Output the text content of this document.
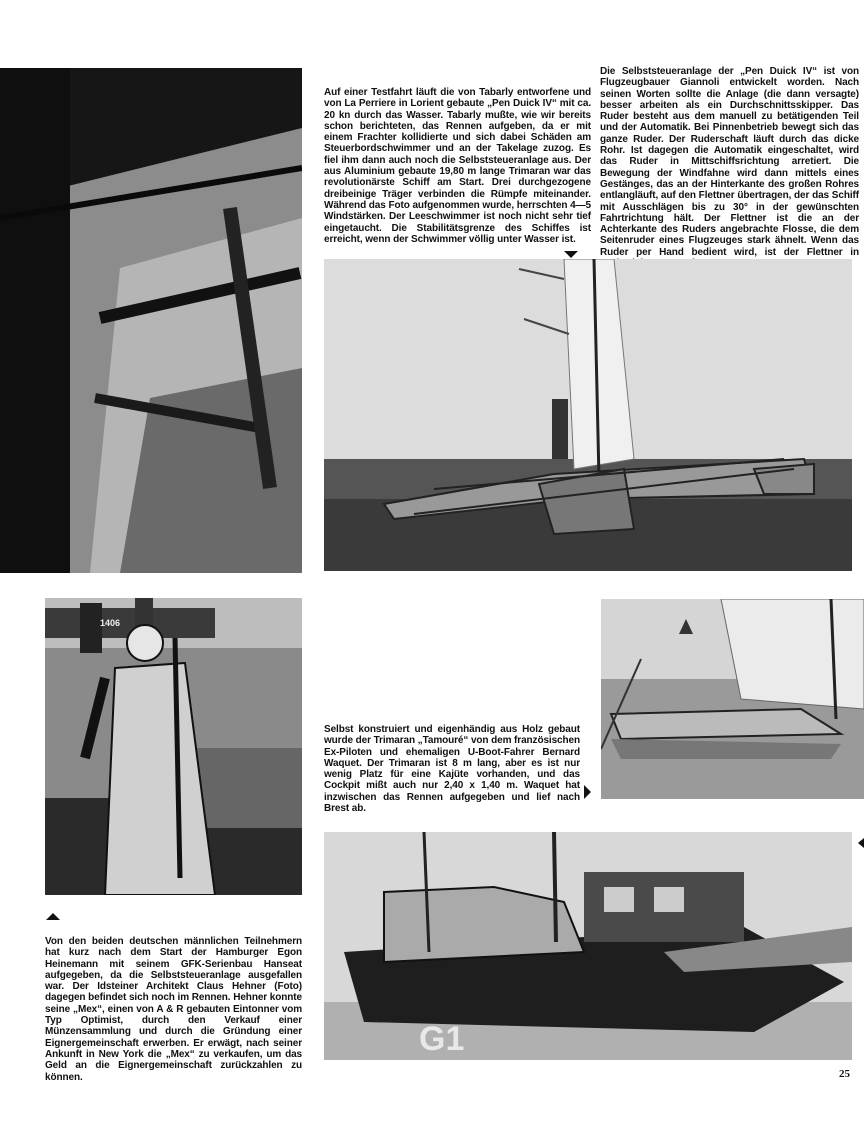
Auf einer Testfahrt läuft die von Tabarly entworfene und von La Perriere in Lorient gebaute „Pen Duick IV“ mit ca. 20 kn durch das Wasser. Tabarly mußte, wie wir bereits schon berichteten, das Rennen aufgeben, da er mit einem Frachter kollidierte und sich dabei Schäden am Steuerbordschwimmer und an der Takelage zuzog. Es fiel ihm dann auch noch die Selbststeueranlage aus. Der aus Aluminium gebaute 19,80 m lange Trimaran war das revolutionärste Schiff am Start. Drei durchgezogene dreibeinige Träger verbinden die Rümpfe miteinander. Während das Foto aufgenommen wurde, herrschten 4—5 Windstärken. Der Leeschwimmer ist noch nicht sehr tief eingetaucht. Die Stabilitätsgrenze des Schiffes ist erreicht, wenn der Schwimmer völlig unter Wasser ist.
Die Selbststeueranlage der „Pen Duick IV“ ist von Flugzeugbauer Giannoli entwickelt worden. Nach seinen Worten sollte die Anlage (die dann versagte) besser arbeiten als ein Durchschnittsskipper. Das Ruder besteht aus dem manuell zu betätigenden Teil und der Automatik. Bei Pinnenbetrieb bewegt sich das ganze Ruder. Der Ruderschaft läuft durch das dicke Rohr. Ist dagegen die Automatik eingeschaltet, wird das Ruder in Mittschiffsrichtung arretiert. Die Bewegung der Windfahne wird dann mittels eines Gestänges, das an der Hinterkante des großen Rohres entlangläuft, auf den Flettner übertragen, der das Schiff mit Ausschlägen bis zu 30° in der gewünschten Fahrtrichtung hält. Der Flettner ist die an der Achterkante des Ruders angebrachte Flosse, die dem Seitenruder eines Flugzeuges stark ähnelt. Wenn das Ruder per Hand bedient wird, ist der Flettner in
1406
Selbst konstruiert und eigenhändig aus Holz gebaut wurde der Trimaran „Tamouré“ von dem französischen Ex-Piloten und ehemaligen U-Boot-Fahrer Bernard Waquet. Der Trimaran ist 8 m lang, aber es ist nur wenig Platz für eine Kajüte vorhanden, und das Cockpit mißt auch nur 2,40 x 1,40 m. Waquet hat inzwischen das Rennen aufgegeben und lief nach Brest ab.
Von den beiden deutschen männlichen Teilnehmern hat kurz nach dem Start der Hamburger Egon Heinemann mit seinem GFK-Serienbau Hanseat aufgegeben, da die Selbststeueranlage ausgefallen war. Der Idsteiner Architekt Claus Hehner (Foto) dagegen befindet sich noch im Rennen. Hehner konnte seine „Mex“, einen von A & R gebauten Eintonner vom Typ Optimist, durch den Verkauf einer Münzensammlung und durch die Gründung einer Eignergemeinschaft erwerben. Er erwägt, nach seiner Ankunft in New York die „Mex“ zu verkaufen, um das Geld an die Eignergemeinschaft zurückzahlen zu können.
G1
25
